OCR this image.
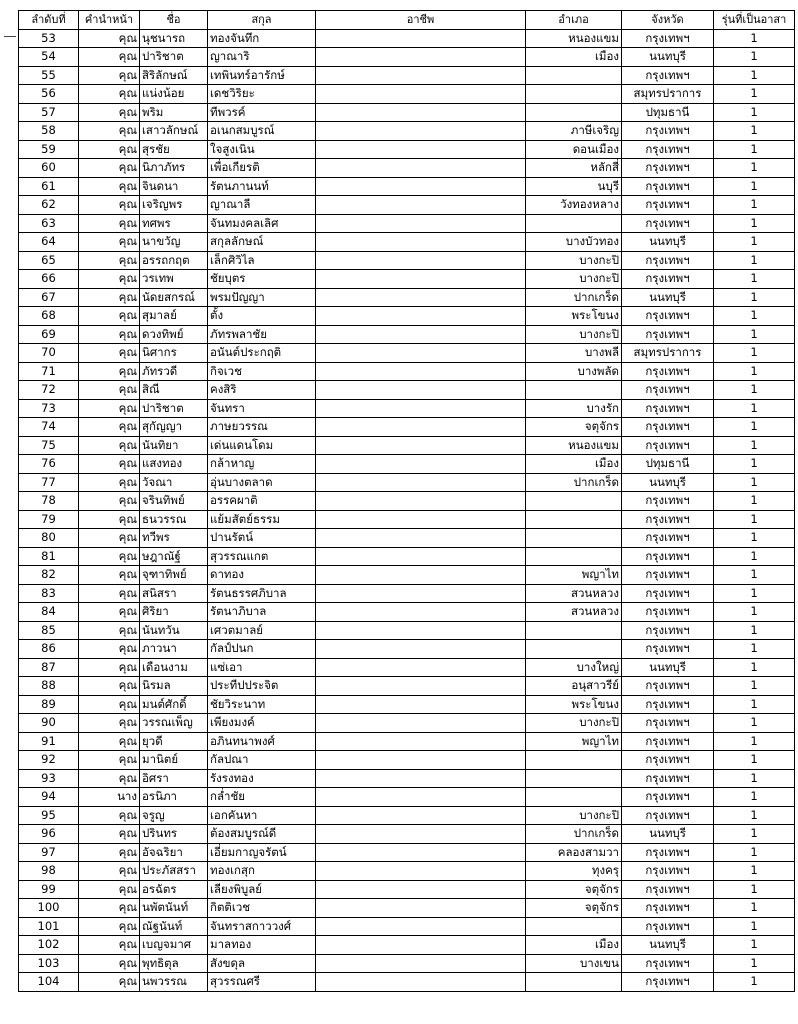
ลำดับที่	คำนำหน้า	ชื่อ	สกุล	อาชีพ	อำเภอ	จังหวัด	รุ่นที่เป็นอาสา
53	คุณ	นุชนารถ	ทองจันทึก		หนองแขม	กรุงเทพฯ	1
54	คุณ	ปาริชาต	ญาณาริ		เมือง	นนทบุรี	1
55	คุณ	สิริลักษณ์	เทพินทร์อารักษ์			กรุงเทพฯ	1
56	คุณ	แน่งน้อย	เดชวิริยะ			สมุทรปราการ	1
57	คุณ	พริม	ทีพวรค์			ปทุมธานี	1
58	คุณ	เสาวลักษณ์	อเนกสมบูรณ์		ภาษีเจริญ	กรุงเทพฯ	1
59	คุณ	สุรชัย	ใจสูงเนิน		ดอนเมือง	กรุงเทพฯ	1
60	คุณ	นิภาภัทร	เพื่อเกียรติ		หลักสี่	กรุงเทพฯ	1
61	คุณ	จินดนา	รัตนภานนท์		นบุรี	กรุงเทพฯ	1
62	คุณ	เจริญพร	ญาณาลี		วังทองหลาง	กรุงเทพฯ	1
63	คุณ	ทศพร	จันทมงคลเลิศ			กรุงเทพฯ	1
64	คุณ	นาขวัญ	สกุลลักษณ์		บางบัวทอง	นนทบุรี	1
65	คุณ	อรรถกฤต	เล็กศิวิไล		บางกะปิ	กรุงเทพฯ	1
66	คุณ	วรเทพ	ชัยบุตร		บางกะปิ	กรุงเทพฯ	1
67	คุณ	นัดยสกรณ์	พรมปัญญา		ปากเกร็ด	นนทบุรี	1
68	คุณ	สุมาลย์	ตั้ง		พระโขนง	กรุงเทพฯ	1
69	คุณ	ดวงทิพย์	ภัทรพลาชัย		บางกะปิ	กรุงเทพฯ	1
70	คุณ	นิศากร	อนันต์ประกฤติ		บางพลี	สมุทรปราการ	1
71	คุณ	ภัทรวดี	กิจเวช		บางพลัด	กรุงเทพฯ	1
72	คุณ	สิณี	คงสิริ			กรุงเทพฯ	1
73	คุณ	ปาริชาต	จันทรา		บางรัก	กรุงเทพฯ	1
74	คุณ	สุกัญญา	ภาษยวรรณ		จตุจักร	กรุงเทพฯ	1
75	คุณ	นันทิยา	เด่นแดนโดม		หนองแขม	กรุงเทพฯ	1
76	คุณ	แสงทอง	กล้าหาญ		เมือง	ปทุมธานี	1
77	คุณ	วัจณา	อุ่นบางตลาด		ปากเกร็ด	นนทบุรี	1
78	คุณ	จรินทิพย์	อรรคผาติ			กรุงเทพฯ	1
79	คุณ	ธนวรรณ	แย้มสัตย์ธรรม			กรุงเทพฯ	1
80	คุณ	ทวีพร	ปานรัตน์			กรุงเทพฯ	1
81	คุณ	ษฎาณัฐ์	สุวรรณแกต			กรุงเทพฯ	1
82	คุณ	จุฑาทิพย์	ดาทอง		พญาไท	กรุงเทพฯ	1
83	คุณ	สนิสรา	รัตนธรรศภิบาล		สวนหลวง	กรุงเทพฯ	1
84	คุณ	ศิริยา	รัตนาภิบาล		สวนหลวง	กรุงเทพฯ	1
85	คุณ	นันทวัน	เศวตมาลย์			กรุงเทพฯ	1
86	คุณ	ภาวนา	กัลป์ปนก			กรุงเทพฯ	1
87	คุณ	เดือนงาม	แซ่เอา		บางใหญ่	นนทบุรี	1
88	คุณ	นิรมล	ประทีปประจิต		อนุสาวรีย์	กรุงเทพฯ	1
89	คุณ	มนต์ศักดิ์	ชัยวิระนาท		พระโขนง	กรุงเทพฯ	1
90	คุณ	วรรณเพ็ญ	เพียงมงค์		บางกะปิ	กรุงเทพฯ	1
91	คุณ	ยุวดี	อภินทนาพงศ์		พญาไท	กรุงเทพฯ	1
92	คุณ	มานิตย์	กัลปณา			กรุงเทพฯ	1
93	คุณ	อิศรา	รังรงทอง			กรุงเทพฯ	1
94	นาง	อรนิภา	กล่ำชัย			กรุงเทพฯ	1
95	คุณ	จรูญ	เอกคันหา		บางกะปิ	กรุงเทพฯ	1
96	คุณ	ปรินทร	ต้องสมบูรณ์ดี		ปากเกร็ด	นนทบุรี	1
97	คุณ	อัจฉริยา	เอี่ยมกาญจรัตน์		คลองสามวา	กรุงเทพฯ	1
98	คุณ	ประภัสสรา	ทองเกสุก		ทุงครุ	กรุงเทพฯ	1
99	คุณ	อรฉัตร	เลียงพิบูลย์		จตุจักร	กรุงเทพฯ	1
100	คุณ	นพัตนันท์	กิตติเวช		จตุจักร	กรุงเทพฯ	1
101	คุณ	ณัฐนันท์	จันทราสกาววงศ์			กรุงเทพฯ	1
102	คุณ	เบญจมาศ	มาลทอง		เมือง	นนทบุรี	1
103	คุณ	พุทธิตุล	สังขดุล		บางเขน	กรุงเทพฯ	1
104	คุณ	นพวรรณ	สุวรรณศรี			กรุงเทพฯ	1
